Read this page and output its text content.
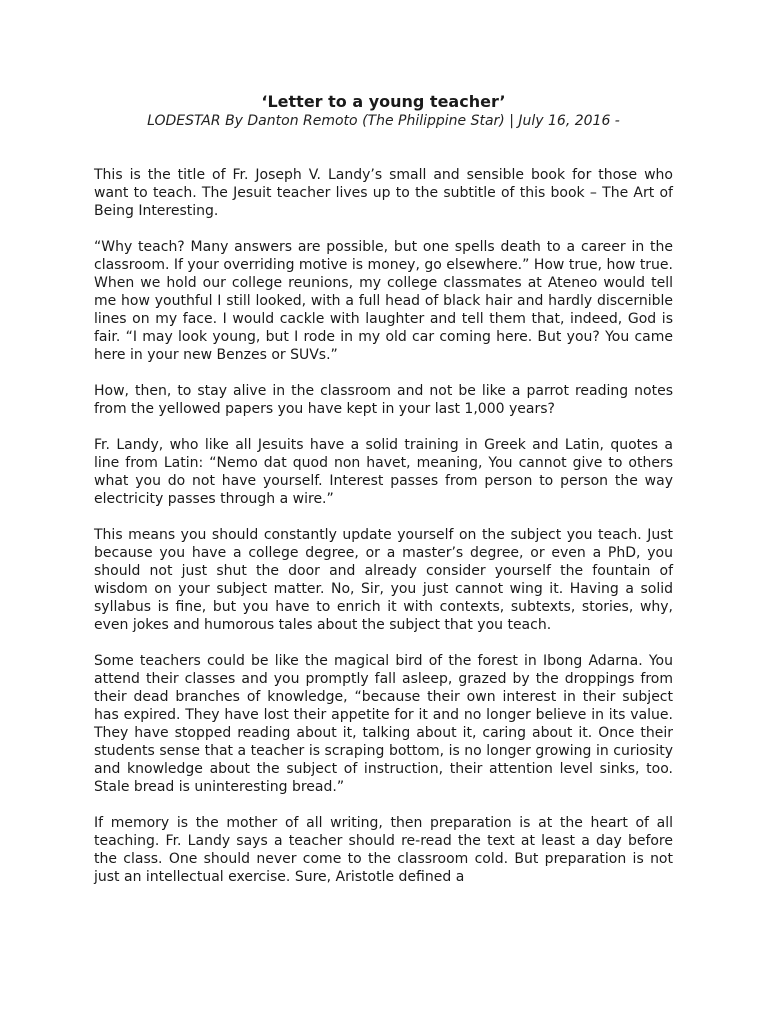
‘Letter to a young teacher’
LODESTAR By Danton Remoto (The Philippine Star) | July 16, 2016 -

This is the title of Fr. Joseph V. Landy’s small and sensible book for those who want to teach. The Jesuit teacher lives up to the subtitle of this book – The Art of Being Interesting.

“Why teach? Many answers are possible, but one spells death to a career in the classroom. If your overriding motive is money, go elsewhere.” How true, how true. When we hold our college reunions, my college classmates at Ateneo would tell me how youthful I still looked, with a full head of black hair and hardly discernible lines on my face. I would cackle with laughter and tell them that, indeed, God is fair. “I may look young, but I rode in my old car coming here. But you? You came here in your new Benzes or SUVs.”

How, then, to stay alive in the classroom and not be like a parrot reading notes from the yellowed papers you have kept in your last 1,000 years?

Fr. Landy, who like all Jesuits have a solid training in Greek and Latin, quotes a line from Latin: “Nemo dat quod non havet, meaning, You cannot give to others what you do not have yourself. Interest passes from person to person the way electricity passes through a wire.”

This means you should constantly update yourself on the subject you teach. Just because you have a college degree, or a master’s degree, or even a PhD, you should not just shut the door and already consider yourself the fountain of wisdom on your subject matter. No, Sir, you just cannot wing it. Having a solid syllabus is fine, but you have to enrich it with contexts, subtexts, stories, why, even jokes and humorous tales about the subject that you teach.

Some teachers could be like the magical bird of the forest in Ibong Adarna. You attend their classes and you promptly fall asleep, grazed by the droppings from their dead branches of knowledge, “because their own interest in their subject has expired. They have lost their appetite for it and no longer believe in its value. They have stopped reading about it, talking about it, caring about it. Once their students sense that a teacher is scraping bottom, is no longer growing in curiosity and knowledge about the subject of instruction, their attention level sinks, too. Stale bread is uninteresting bread.”

If memory is the mother of all writing, then preparation is at the heart of all teaching. Fr. Landy says a teacher should re-read the text at least a day before the class. One should never come to the classroom cold. But preparation is not just an intellectual exercise. Sure, Aristotle defined a
